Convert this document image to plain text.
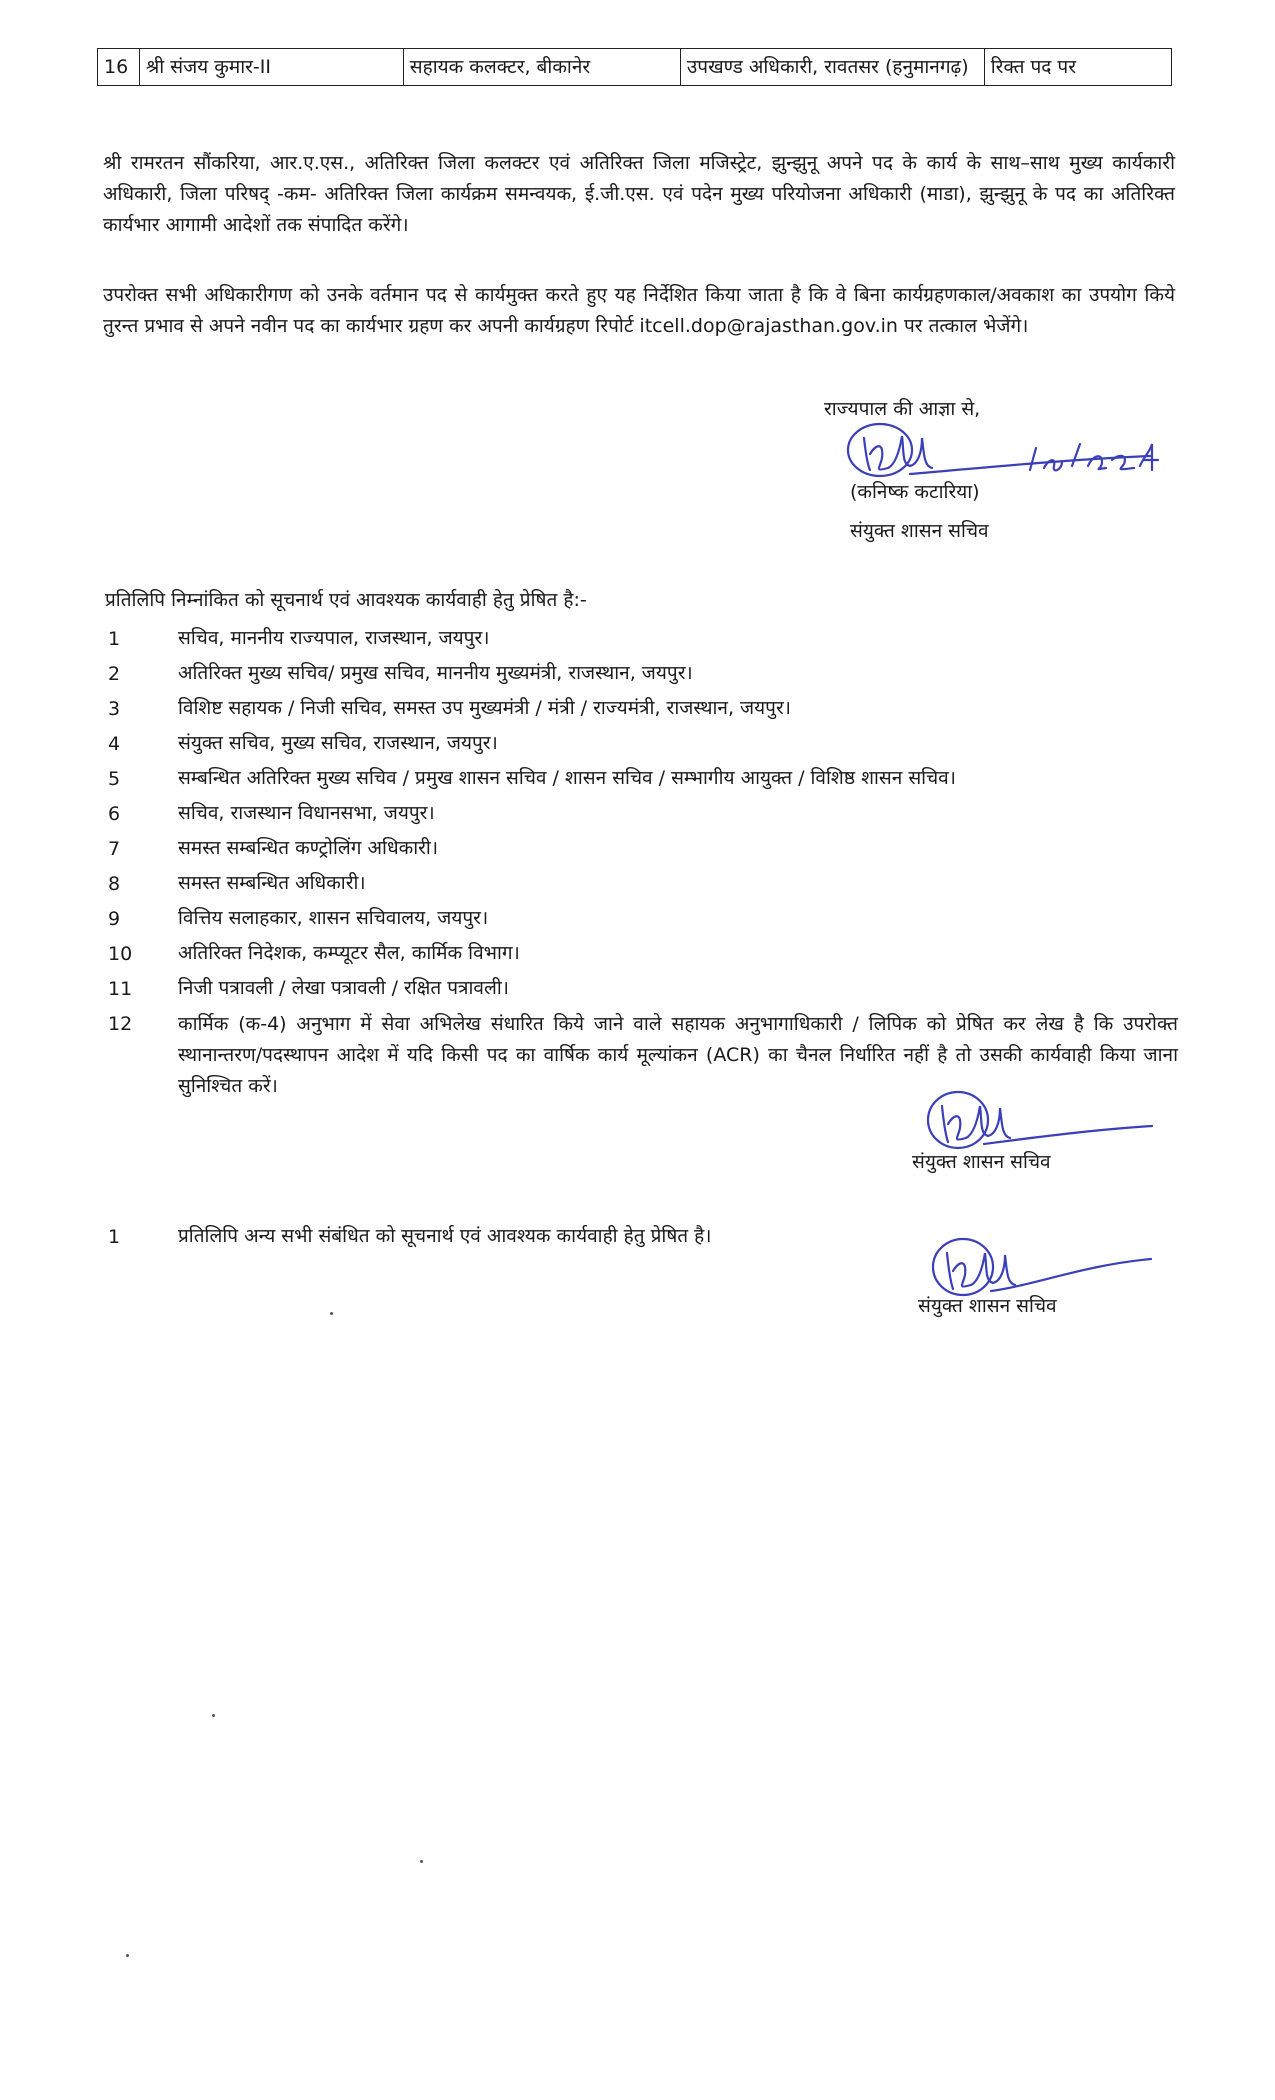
16	श्री संजय कुमार-II	सहायक कलक्टर, बीकानेर	उपखण्ड अधिकारी, रावतसर (हनुमानगढ़)	रिक्त पद पर

श्री रामरतन सौंकरिया, आर.ए.एस., अतिरिक्त जिला कलक्टर एवं अतिरिक्त जिला मजिस्ट्रेट, झुन्झुनू अपने पद के कार्य के साथ–साथ मुख्य कार्यकारी अधिकारी, जिला परिषद् -कम- अतिरिक्त जिला कार्यक्रम समन्वयक, ई.जी.एस. एवं पदेन मुख्य परियोजना अधिकारी (माडा), झुन्झुनू के पद का अतिरिक्त कार्यभार आगामी आदेशों तक संपादित करेंगे।

उपरोक्त सभी अधिकारीगण को उनके वर्तमान पद से कार्यमुक्त करते हुए यह निर्देशित किया जाता है कि वे बिना कार्यग्रहणकाल/अवकाश का उपयोग किये तुरन्त प्रभाव से अपने नवीन पद का कार्यभार ग्रहण कर अपनी कार्यग्रहण रिपोर्ट itcell.dop@rajasthan.gov.in पर तत्काल भेजेंगे।

राज्यपाल की आज्ञा से,
(कनिष्क कटारिया)
संयुक्त शासन सचिव
प्रतिलिपि निम्नांकित को सूचनार्थ एवं आवश्यक कार्यवाही हेतु प्रेषित है:-
1	सचिव, माननीय राज्यपाल, राजस्थान, जयपुर।
2	अतिरिक्त मुख्य सचिव/ प्रमुख सचिव, माननीय मुख्यमंत्री, राजस्थान, जयपुर।
3	विशिष्ट सहायक / निजी सचिव, समस्त उप मुख्यमंत्री / मंत्री / राज्यमंत्री, राजस्थान, जयपुर।
4	संयुक्त सचिव, मुख्य सचिव, राजस्थान, जयपुर।
5	सम्बन्धित अतिरिक्त मुख्य सचिव / प्रमुख शासन सचिव / शासन सचिव / सम्भागीय आयुक्त / विशिष्ठ शासन सचिव।
6	सचिव, राजस्थान विधानसभा, जयपुर।
7	समस्त सम्बन्धित कण्ट्रोलिंग अधिकारी।
8	समस्त सम्बन्धित अधिकारी।
9	वित्तिय सलाहकार, शासन सचिवालय, जयपुर।
10	अतिरिक्त निदेशक, कम्प्यूटर सैल, कार्मिक विभाग।
11	निजी पत्रावली / लेखा पत्रावली / रक्षित पत्रावली।
12	कार्मिक (क-4) अनुभाग में सेवा अभिलेख संधारित किये जाने वाले सहायक अनुभागाधिकारी / लिपिक को प्रेषित कर लेख है कि उपरोक्त स्थानान्तरण/पदस्थापन आदेश में यदि किसी पद का वार्षिक कार्य मूल्यांकन (ACR) का चैनल निर्धारित नहीं है तो उसकी कार्यवाही किया जाना सुनिश्चित करें।
संयुक्त शासन सचिव
1	प्रतिलिपि अन्य सभी संबंधित को सूचनार्थ एवं आवश्यक कार्यवाही हेतु प्रेषित है।
संयुक्त शासन सचिव
